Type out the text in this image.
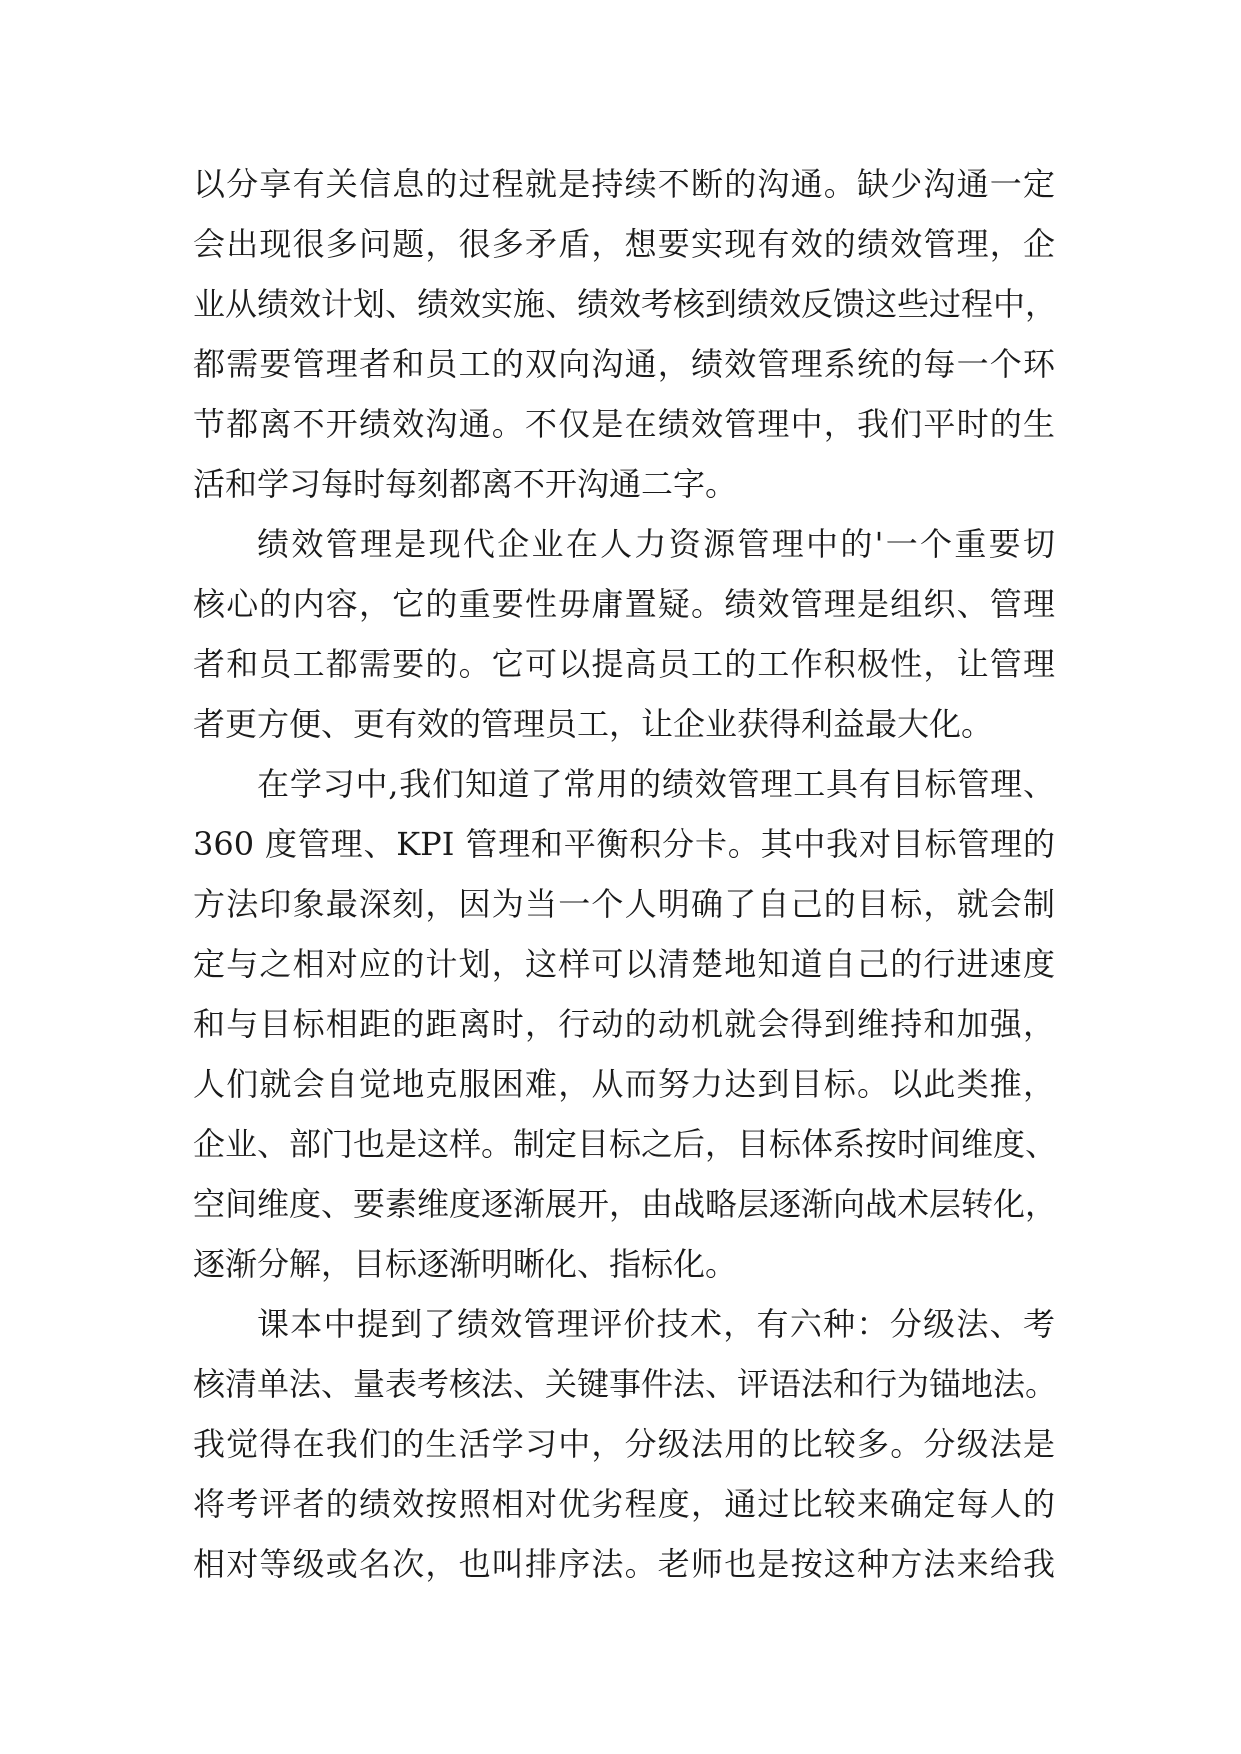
以分享有关信息的过程就是持续不断的沟通。缺少沟通一定
会出现很多问题，很多矛盾，想要实现有效的绩效管理，企
业从绩效计划、绩效实施、绩效考核到绩效反馈这些过程中，
都需要管理者和员工的双向沟通，绩效管理系统的每一个环
节都离不开绩效沟通。不仅是在绩效管理中，我们平时的生
活和学习每时每刻都离不开沟通二字。
绩效管理是现代企业在人力资源管理中的'一个重要切
核心的内容，它的重要性毋庸置疑。绩效管理是组织、管理
者和员工都需要的。它可以提高员工的工作积极性，让管理
者更方便、更有效的管理员工，让企业获得利益最大化。
在学习中,我们知道了常用的绩效管理工具有目标管理、
360 度管理、KPI 管理和平衡积分卡。其中我对目标管理的
方法印象最深刻，因为当一个人明确了自己的目标，就会制
定与之相对应的计划，这样可以清楚地知道自己的行进速度
和与目标相距的距离时，行动的动机就会得到维持和加强，
人们就会自觉地克服困难，从而努力达到目标。以此类推，
企业、部门也是这样。制定目标之后，目标体系按时间维度、
空间维度、要素维度逐渐展开，由战略层逐渐向战术层转化，
逐渐分解，目标逐渐明晰化、指标化。
课本中提到了绩效管理评价技术，有六种：分级法、考
核清单法、量表考核法、关键事件法、评语法和行为锚地法。
我觉得在我们的生活学习中，分级法用的比较多。分级法是
将考评者的绩效按照相对优劣程度，通过比较来确定每人的
相对等级或名次，也叫排序法。老师也是按这种方法来给我
